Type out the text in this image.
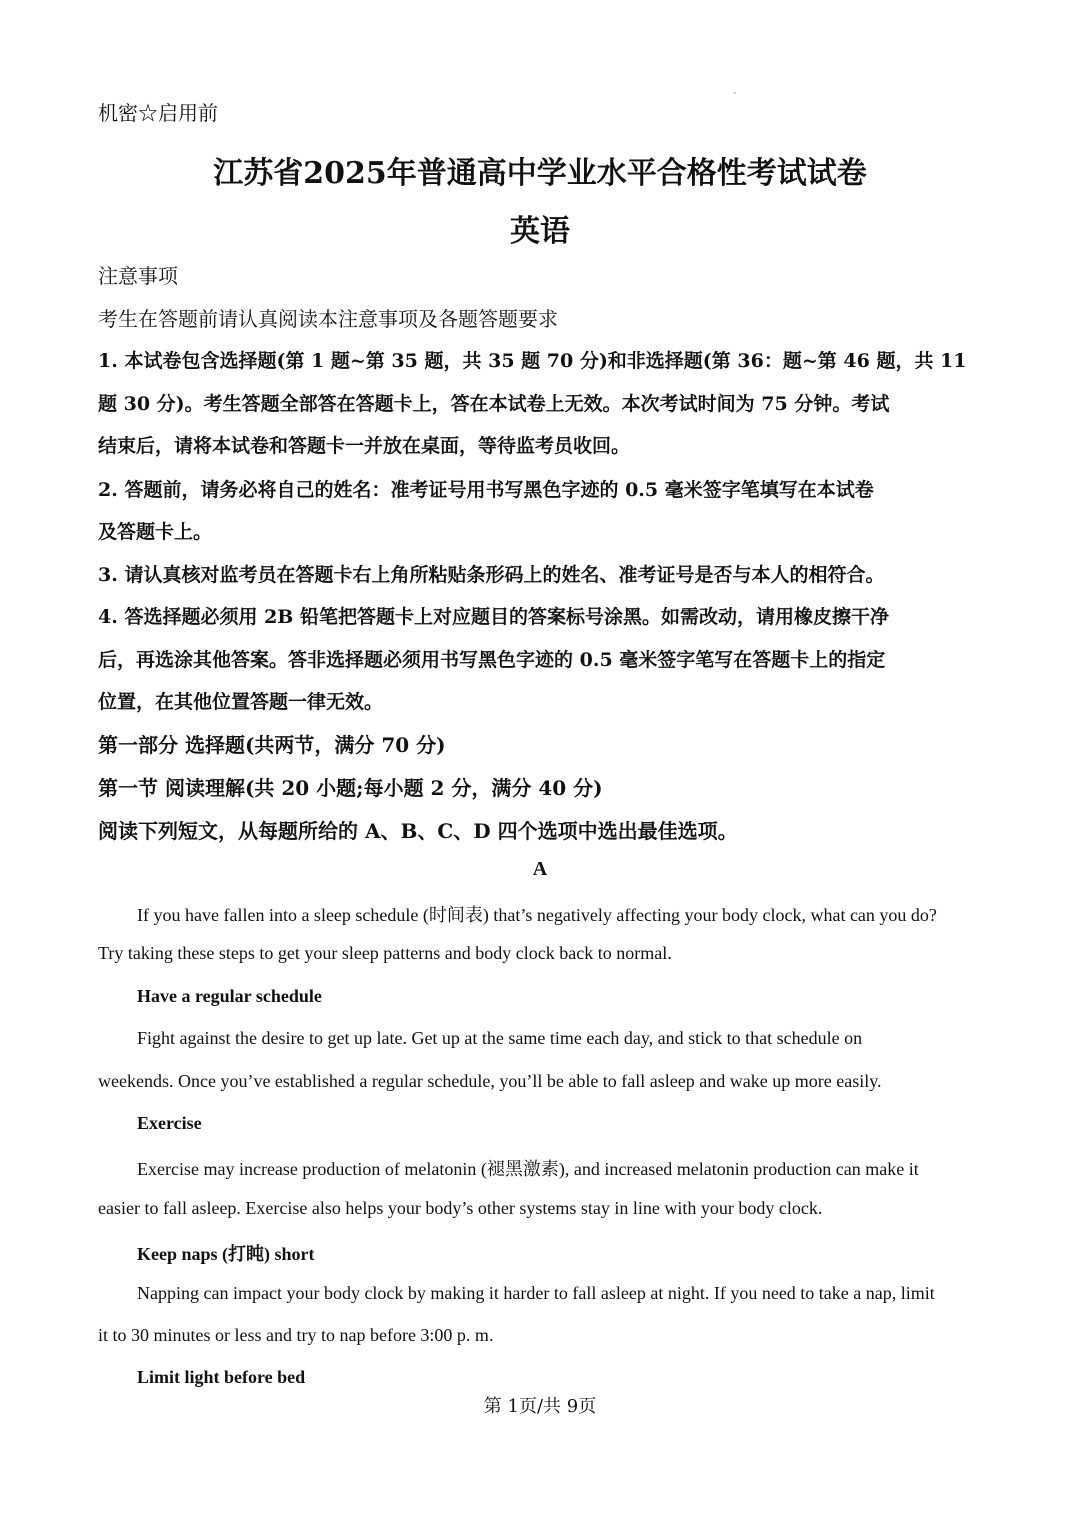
机密☆启用前
江苏省2025年普通高中学业水平合格性考试试卷
英语
注意事项
考生在答题前请认真阅读本注意事项及各题答题要求
1. 本试卷包含选择题(第 1 题~第 35 题，共 35 题 70 分)和非选择题(第 36：题~第 46 题，共 11
题 30 分)。考生答题全部答在答题卡上，答在本试卷上无效。本次考试时间为 75 分钟。考试
结束后，请将本试卷和答题卡一并放在桌面，等待监考员收回。
2. 答题前，请务必将自己的姓名：准考证号用书写黑色字迹的 0.5 毫米签字笔填写在本试卷
及答题卡上。
3. 请认真核对监考员在答题卡右上角所粘贴条形码上的姓名、准考证号是否与本人的相符合。
4. 答选择题必须用 2B 铅笔把答题卡上对应题目的答案标号涂黑。如需改动，请用橡皮擦干净
后，再选涂其他答案。答非选择题必须用书写黑色字迹的 0.5 毫米签字笔写在答题卡上的指定
位置，在其他位置答题一律无效。
第一部分 选择题(共两节，满分 70 分)
第一节 阅读理解(共 20 小题;每小题 2 分，满分 40 分)
阅读下列短文，从每题所给的 A、B、C、D 四个选项中选出最佳选项。
A
If you have fallen into a sleep schedule (时间表) that’s negatively affecting your body clock, what can you do?
Try taking these steps to get your sleep patterns and body clock back to normal.
Have a regular schedule
Fight against the desire to get up late. Get up at the same time each day, and stick to that schedule on
weekends. Once you’ve established a regular schedule, you’ll be able to fall asleep and wake up more easily.
Exercise
Exercise may increase production of melatonin (褪黑激素), and increased melatonin production can make it
easier to fall asleep. Exercise also helps your body’s other systems stay in line with your body clock.
Keep naps (打盹) short
Napping can impact your body clock by making it harder to fall asleep at night. If you need to take a nap, limit
it to 30 minutes or less and try to nap before 3:00 p. m.
Limit light before bed
第 1页/共 9页
